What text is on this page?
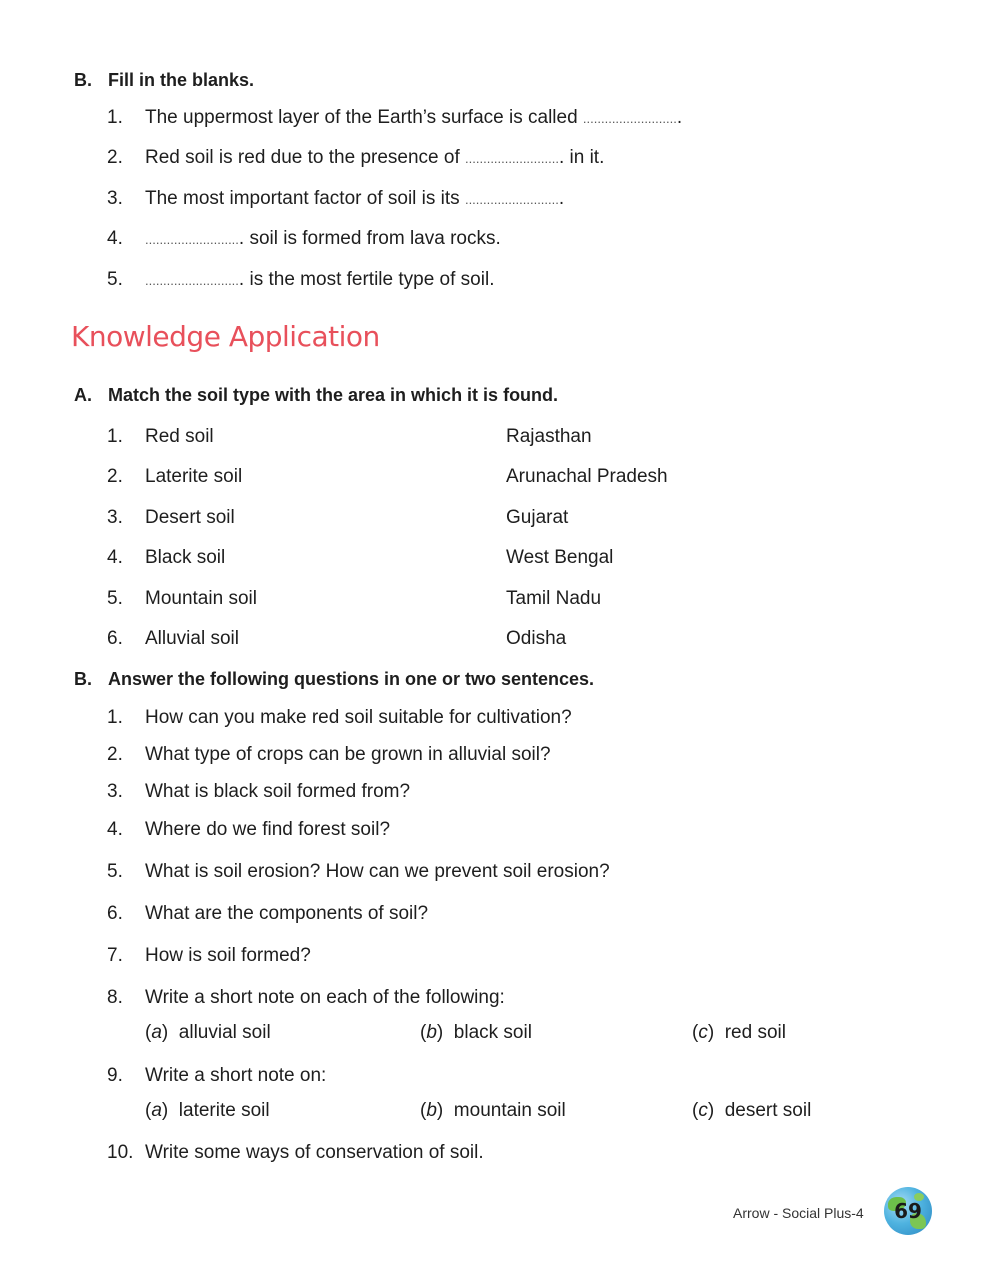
B. Fill in the blanks.
1. The uppermost layer of the Earth’s surface is called ...........................
2. Red soil is red due to the presence of ........................... in it.
3. The most important factor of soil is its ...........................
4. ........................... soil is formed from lava rocks.
5. ........................... is the most fertile type of soil.
Knowledge Application
A. Match the soil type with the area in which it is found.
1. Red soil	Rajasthan
2. Laterite soil	Arunachal Pradesh
3. Desert soil	Gujarat
4. Black soil	West Bengal
5. Mountain soil	Tamil Nadu
6. Alluvial soil	Odisha
B. Answer the following questions in one or two sentences.
1. How can you make red soil suitable for cultivation?
2. What type of crops can be grown in alluvial soil?
3. What is black soil formed from?
4. Where do we find forest soil?
5. What is soil erosion? How can we prevent soil erosion?
6. What are the components of soil?
7. How is soil formed?
8. Write a short note on each of the following:
(a)  alluvial soil	(b)  black soil	(c)  red soil
9. Write a short note on:
(a)  laterite soil	(b)  mountain soil	(c)  desert soil
10. Write some ways of conservation of soil.
Arrow - Social Plus-4	69
